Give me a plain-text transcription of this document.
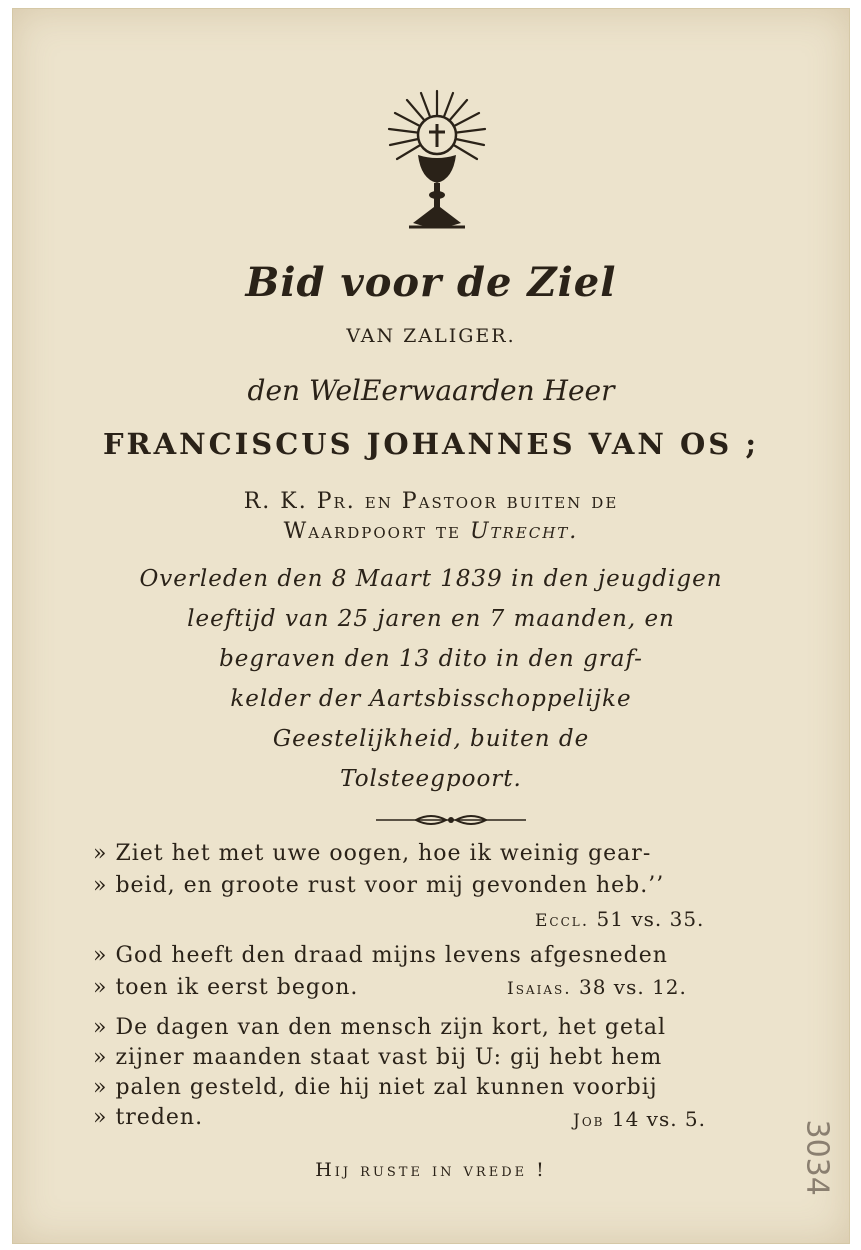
Bid voor de Ziel
VAN ZALIGER.
den WelEerwaarden Heer
FRANCISCUS JOHANNES VAN OS ;
R. K. Pr. en Pastoor buiten de
Waardpoort te Utrecht.
Overleden den 8 Maart 1839 in den jeugdigen
leeftijd van 25 jaren en 7 maanden, en
begraven den 13 dito in den graf-
kelder der Aartsbisschoppelijke
Geestelijkheid, buiten de
Tolsteegpoort.
» Ziet het met uwe oogen, hoe ik weinig gear-
» beid, en groote rust voor mij gevonden heb.’’
Eccl. 51 vs. 35.
» God heeft den draad mijns levens afgesneden
» toen ik eerst begon.	Isaias. 38 vs. 12.
» De dagen van den mensch zijn kort, het getal
» zijner maanden staat vast bij U: gij hebt hem
» palen gesteld, die hij niet zal kunnen voorbij
» treden.	Job 14 vs. 5.
Hij ruste in vrede !	3034
